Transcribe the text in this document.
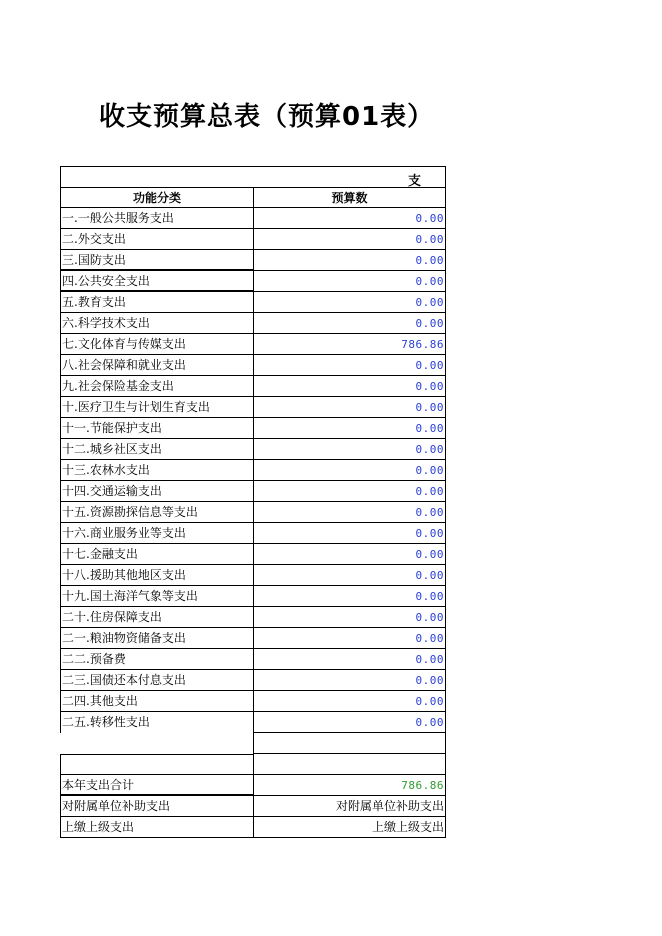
收支预算总表（预算01表）
支
功能分类	预算数
一.一般公共服务支出	0.00
二.外交支出	0.00
三.国防支出	0.00
四.公共安全支出	0.00
五.教育支出	0.00
六.科学技术支出	0.00
七.文化体育与传媒支出	786.86
八.社会保障和就业支出	0.00
九.社会保险基金支出	0.00
十.医疗卫生与计划生育支出	0.00
十一.节能保护支出	0.00
十二.城乡社区支出	0.00
十三.农林水支出	0.00
十四.交通运输支出	0.00
十五.资源勘探信息等支出	0.00
十六.商业服务业等支出	0.00
十七.金融支出	0.00
十八.援助其他地区支出	0.00
十九.国土海洋气象等支出	0.00
二十.住房保障支出	0.00
二一.粮油物资储备支出	0.00
二二.预备费	0.00
二三.国债还本付息支出	0.00
二四.其他支出	0.00
二五.转移性支出	0.00
本年支出合计	786.86
对附属单位补助支出	对附属单位补助支出
上缴上级支出	上缴上级支出
